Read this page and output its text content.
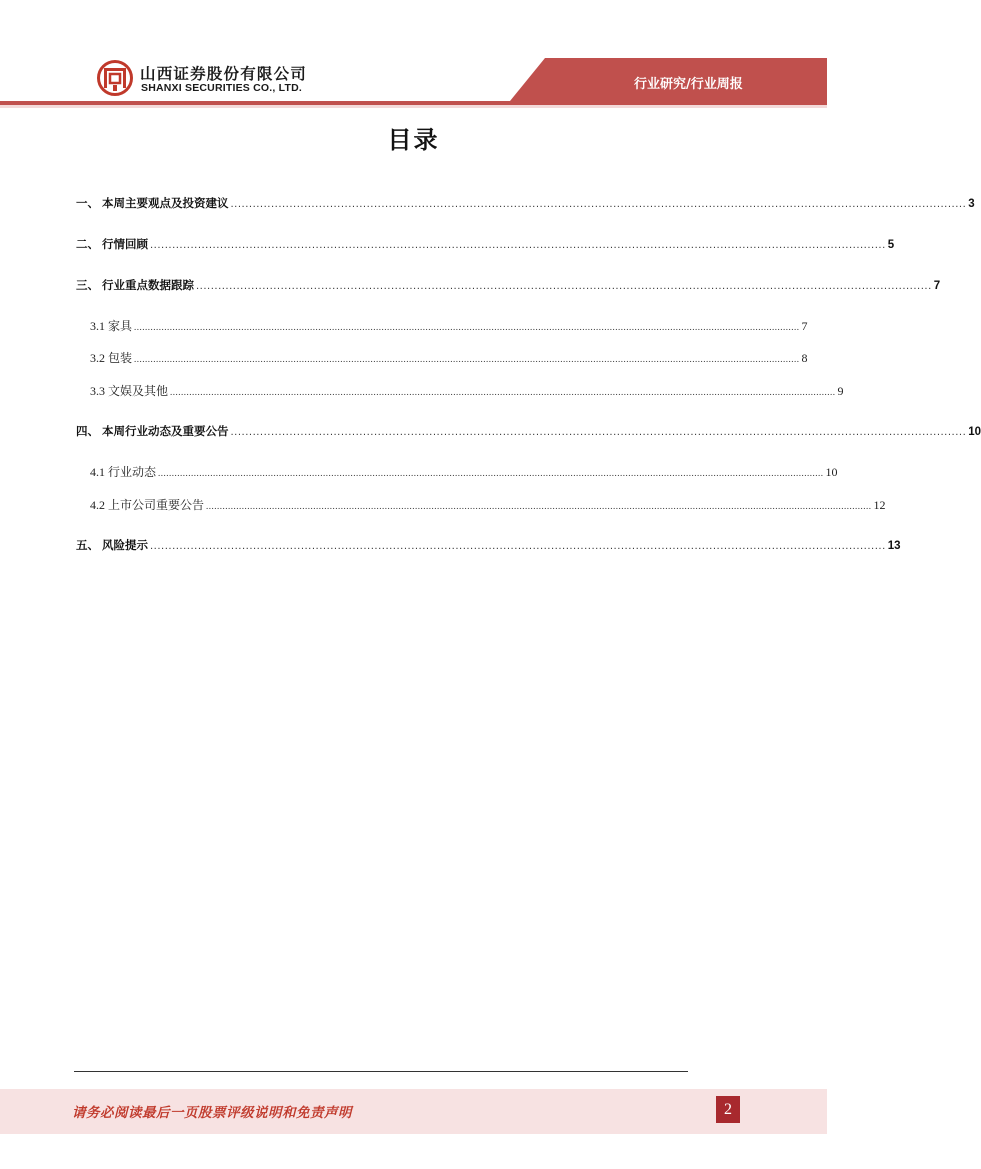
山西证券股份有限公司
SHANXI SECURITIES CO., LTD.	行业研究/行业周报
目录
一、 本周主要观点及投资建议 ........................................................................................................................................................................................................ 3
二、 行情回顾 ........................................................................................................................................................................................................ 5
三、 行业重点数据跟踪 ........................................................................................................................................................................................................ 7
3.1 家具 .................................................................................................................................................................................................................................................. 7
3.2 包装 .................................................................................................................................................................................................................................................. 8
3.3 文娱及其他 .................................................................................................................................................................................................................................................. 9
四、 本周行业动态及重要公告 ........................................................................................................................................................................................................ 10
4.1 行业动态 .................................................................................................................................................................................................................................................. 10
4.2 上市公司重要公告 .................................................................................................................................................................................................................................................. 12
五、 风险提示 ........................................................................................................................................................................................................ 13
请务必阅读最后一页股票评级说明和免责声明	2
